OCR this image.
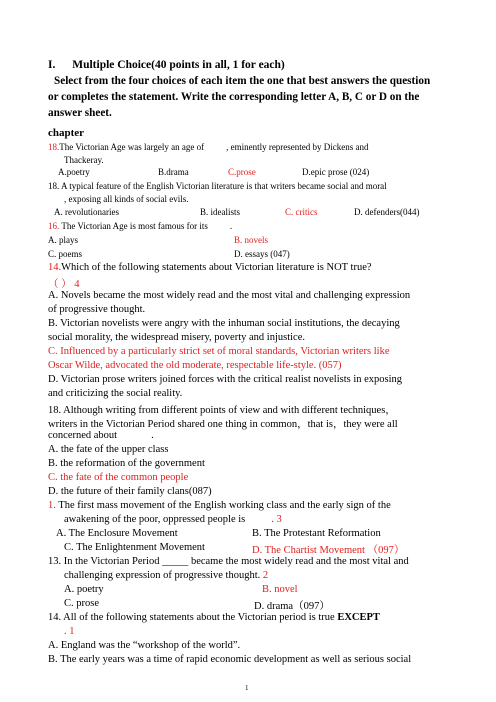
I. Multiple Choice(40 points in all, 1 for each)
Select from the four choices of each item the one that best answers the question
or completes the statement. Write the corresponding letter A, B, C or D on the
answer sheet.
chapter
18.The Victorian Age was largely an age of , eminently represented by Dickens and
Thackeray.
A.poetry	B.drama	C.prose	D.epic prose (024)
18. A typical feature of the English Victorian literature is that writers became social and moral
, exposing all kinds of social evils.
A. revolutionaries	B. idealists	C. critics	D. defenders(044)
16. The Victorian Age is most famous for its .
A. plays	B. novels
C. poems	D. essays (047)
14.Which of the following statements about Victorian literature is NOT true?
（ ） 4
A. Novels became the most widely read and the most vital and challenging expression
of progressive thought.
B. Victorian novelists were angry with the inhuman social institutions, the decaying
social morality, the widespread misery, poverty and injustice.
C. Influenced by a particularly strict set of moral standards, Victorian writers like
Oscar Wilde, advocated the old moderate, respectable life-style. (057)
D. Victorian prose writers joined forces with the critical realist novelists in exposing
and criticizing the social reality.
18. Although writing from different points of view and with different techniques，
writers in the Victorian Period shared one thing in common，that is，they were all
concerned about	.
A. the fate of the upper class
B. the reformation of the government
C. the fate of the common people
D. the future of their family clans(087)
1. The first mass movement of the English working class and the early sign of the
awakening of the poor, oppressed people is . 3
A. The Enclosure Movement	B. The Protestant Reformation
C. The Enlightenment Movement	D. The Chartist Movement （097）
13. In the Victorian Period _____ became the most widely read and the most vital and
challenging expression of progressive thought. 2
A. poetry	B. novel
C. prose	D. drama（097）
14. All of the following statements about the Victorian period is true EXCEPT
. 1
A. England was the “workshop of the world”.
B. The early years was a time of rapid economic development as well as serious social
1
